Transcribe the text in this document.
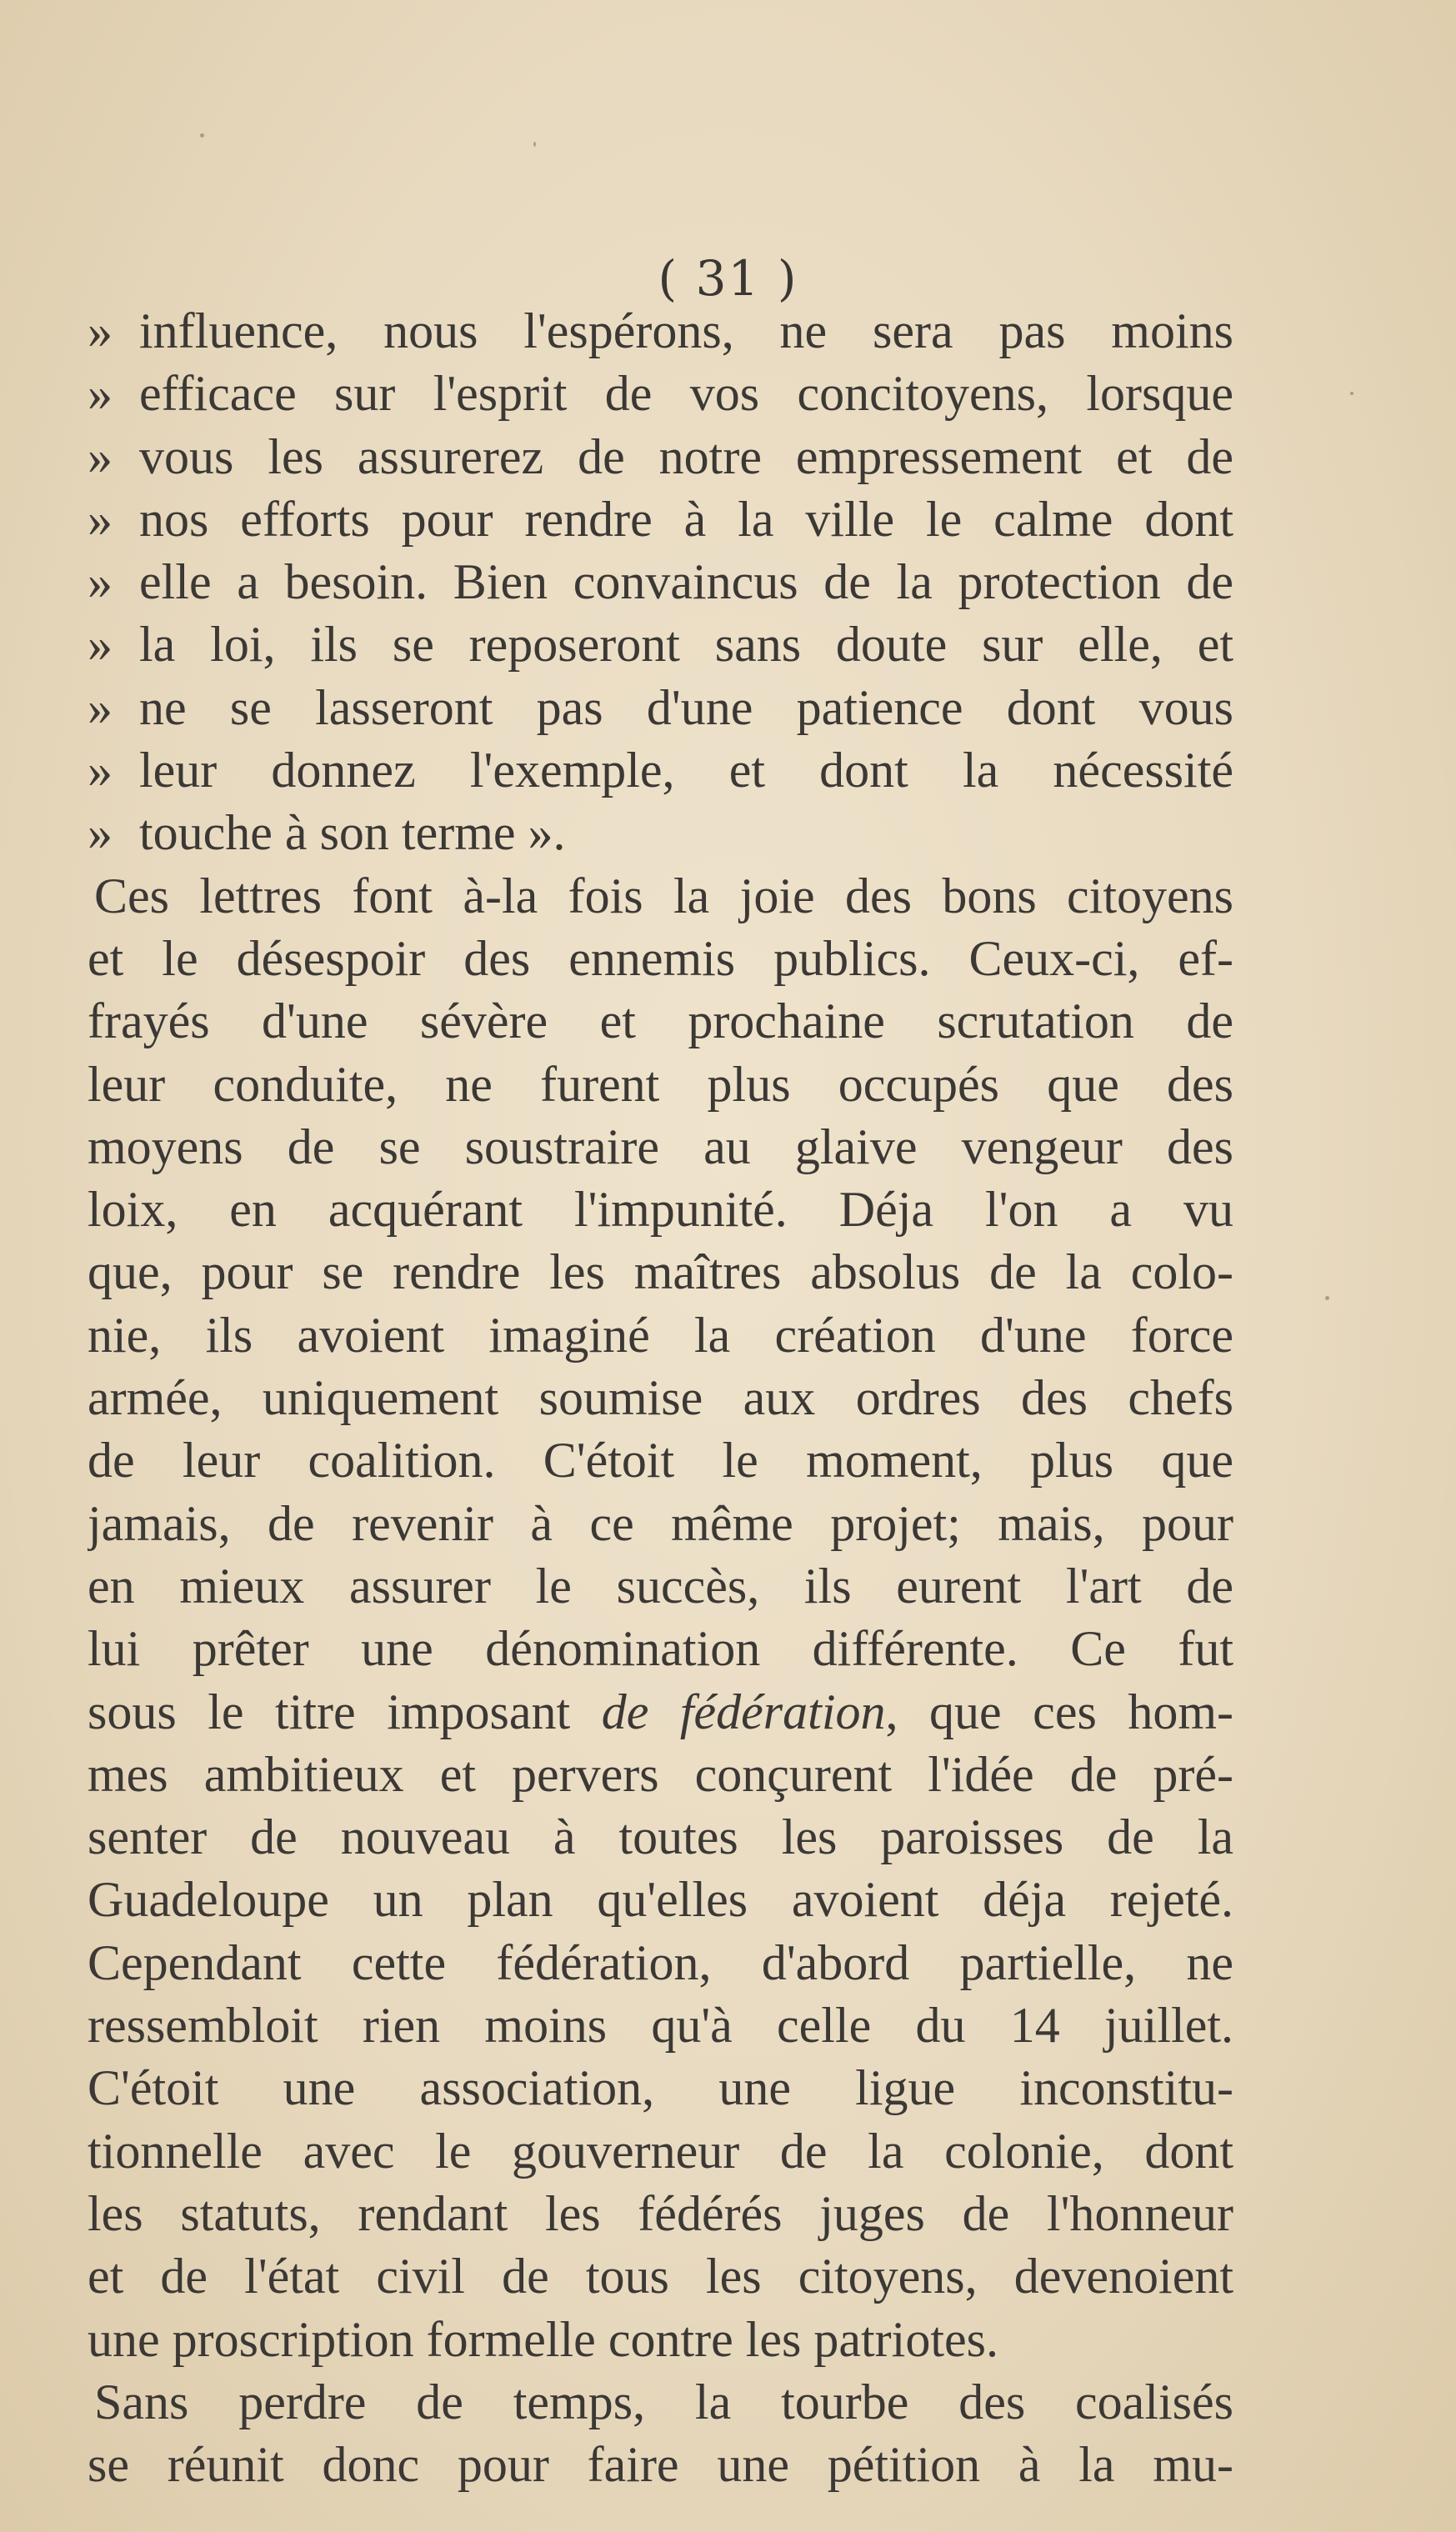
( 31 )
» influence, nous l'espérons, ne sera pas moins
» efficace sur l'esprit de vos concitoyens, lorsque
» vous les assurerez de notre empressement et de
» nos efforts pour rendre à la ville le calme dont
» elle a besoin. Bien convaincus de la protection de
» la loi, ils se reposeront sans doute sur elle, et
» ne se lasseront pas d'une patience dont vous
» leur donnez l'exemple, et dont la nécessité
» touche à son terme ».
Ces lettres font à-la fois la joie des bons citoyens
et le désespoir des ennemis publics. Ceux-ci, ef-
frayés d'une sévère et prochaine scrutation de
leur conduite, ne furent plus occupés que des
moyens de se soustraire au glaive vengeur des
loix, en acquérant l'impunité. Déja l'on a vu
que, pour se rendre les maîtres absolus de la colo-
nie, ils avoient imaginé la création d'une force
armée, uniquement soumise aux ordres des chefs
de leur coalition. C'étoit le moment, plus que
jamais, de revenir à ce même projet; mais, pour
en mieux assurer le succès, ils eurent l'art de
lui prêter une dénomination différente. Ce fut
sous le titre imposant de fédération, que ces hom-
mes ambitieux et pervers conçurent l'idée de pré-
senter de nouveau à toutes les paroisses de la
Guadeloupe un plan qu'elles avoient déja rejeté.
Cependant cette fédération, d'abord partielle, ne
ressembloit rien moins qu'à celle du 14 juillet.
C'étoit une association, une ligue inconstitu-
tionnelle avec le gouverneur de la colonie, dont
les statuts, rendant les fédérés juges de l'honneur
et de l'état civil de tous les citoyens, devenoient
une proscription formelle contre les patriotes.
Sans perdre de temps, la tourbe des coalisés
se réunit donc pour faire une pétition à la mu-
